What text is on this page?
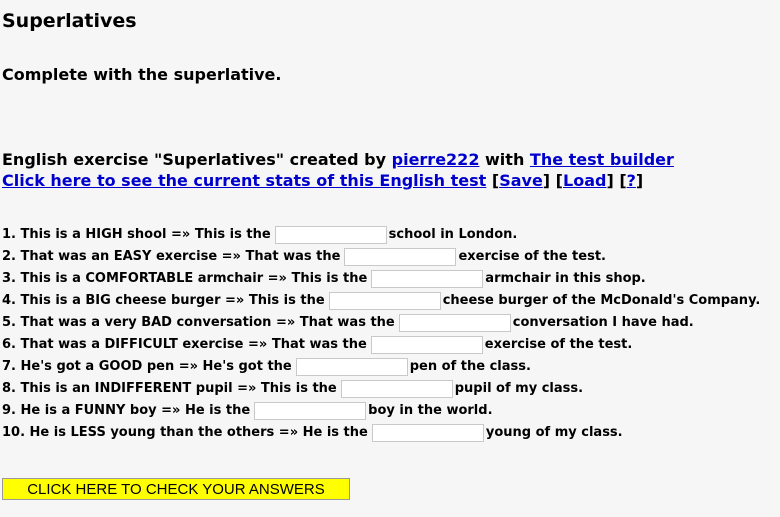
Superlatives

Complete with the superlative.

English exercise "Superlatives" created by pierre222 with The test builder
Click here to see the current stats of this English test [Save] [Load] [?]
1. This is a HIGH shool =» This is the	school in London.
2. That was an EASY exercise =» That was the	exercise of the test.
3. This is a COMFORTABLE armchair =» This is the	armchair in this shop.
4. This is a BIG cheese burger =» This is the	cheese burger of the McDonald's Company.
5. That was a very BAD conversation =» That was the	conversation I have had.
6. That was a DIFFICULT exercise =» That was the	exercise of the test.
7. He's got a GOOD pen =» He's got the	pen of the class.
8. This is an INDIFFERENT pupil =» This is the	pupil of my class.
9. He is a FUNNY boy =» He is the	boy in the world.
10. He is LESS young than the others =» He is the	young of my class.
CLICK HERE TO CHECK YOUR ANSWERS
